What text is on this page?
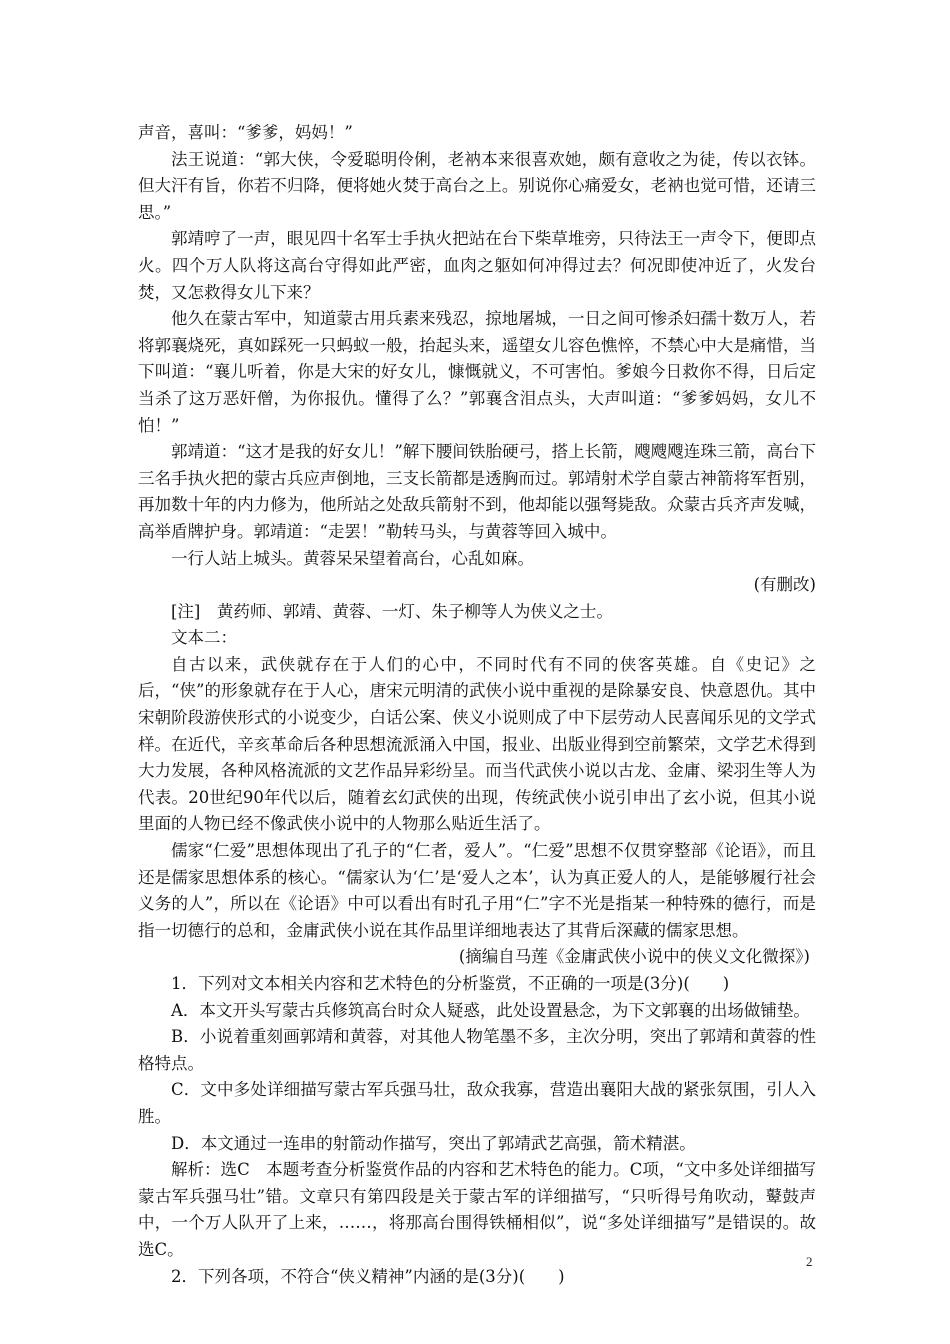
声音，喜叫：“爹爹，妈妈！”

法王说道：“郭大侠，令爱聪明伶俐，老衲本来很喜欢她，颇有意收之为徒，传以衣钵。但大汗有旨，你若不归降，便将她火焚于高台之上。别说你心痛爱女，老衲也觉可惜，还请三思。”

郭靖哼了一声，眼见四十名军士手执火把站在台下柴草堆旁，只待法王一声令下，便即点火。四个万人队将这高台守得如此严密，血肉之躯如何冲得过去？何况即使冲近了，火发台焚，又怎救得女儿下来？

他久在蒙古军中，知道蒙古用兵素来残忍，掠地屠城，一日之间可惨杀妇孺十数万人，若将郭襄烧死，真如踩死一只蚂蚁一般，抬起头来，遥望女儿容色憔悴，不禁心中大是痛惜，当下叫道：“襄儿听着，你是大宋的好女儿，慷慨就义，不可害怕。爹娘今日救你不得，日后定当杀了这万恶奸僧，为你报仇。懂得了么？”郭襄含泪点头，大声叫道：“爹爹妈妈，女儿不怕！”

郭靖道：“这才是我的好女儿！”解下腰间铁胎硬弓，搭上长箭，飕飕飕连珠三箭，高台下三名手执火把的蒙古兵应声倒地，三支长箭都是透胸而过。郭靖射术学自蒙古神箭将军哲别，再加数十年的内力修为，他所站之处敌兵箭射不到，他却能以强弩毙敌。众蒙古兵齐声发喊，高举盾牌护身。郭靖道：“走罢！”勒转马头，与黄蓉等回入城中。

一行人站上城头。黄蓉呆呆望着高台，心乱如麻。

(有删改)

[注]　黄药师、郭靖、黄蓉、一灯、朱子柳等人为侠义之士。

文本二：

自古以来，武侠就存在于人们的心中，不同时代有不同的侠客英雄。自《史记》之后，“侠”的形象就存在于人心，唐宋元明清的武侠小说中重视的是除暴安良、快意恩仇。其中宋朝阶段游侠形式的小说变少，白话公案、侠义小说则成了中下层劳动人民喜闻乐见的文学式样。在近代，辛亥革命后各种思想流派涌入中国，报业、出版业得到空前繁荣，文学艺术得到大力发展，各种风格流派的文艺作品异彩纷呈。而当代武侠小说以古龙、金庸、梁羽生等人为代表。20世纪90年代以后，随着玄幻武侠的出现，传统武侠小说引申出了玄小说，但其小说里面的人物已经不像武侠小说中的人物那么贴近生活了。

儒家“仁爱”思想体现出了孔子的“仁者，爱人”。“仁爱”思想不仅贯穿整部《论语》，而且还是儒家思想体系的核心。“儒家认为‘仁’是‘爱人之本’，认为真正爱人的人，是能够履行社会义务的人”，所以在《论语》中可以看出有时孔子用“仁”字不光是指某一种特殊的德行，而是指一切德行的总和，金庸武侠小说在其作品里详细地表达了其背后深藏的儒家思想。

(摘编自马莲《金庸武侠小说中的侠义文化微探》)

1．下列对文本相关内容和艺术特色的分析鉴赏，不正确的一项是(3分)(　　)

A．本文开头写蒙古兵修筑高台时众人疑惑，此处设置悬念，为下文郭襄的出场做铺垫。

B．小说着重刻画郭靖和黄蓉，对其他人物笔墨不多，主次分明，突出了郭靖和黄蓉的性格特点。

C．文中多处详细描写蒙古军兵强马壮，敌众我寡，营造出襄阳大战的紧张氛围，引人入胜。

D．本文通过一连串的射箭动作描写，突出了郭靖武艺高强，箭术精湛。

解析：选C　本题考查分析鉴赏作品的内容和艺术特色的能力。C项，“文中多处详细描写蒙古军兵强马壮”错。文章只有第四段是关于蒙古军的详细描写，“只听得号角吹动，鼙鼓声中，一个万人队开了上来，……，将那高台围得铁桶相似”，说“多处详细描写”是错误的。故选C。

2．下列各项，不符合“侠义精神”内涵的是(3分)(　　)

2
